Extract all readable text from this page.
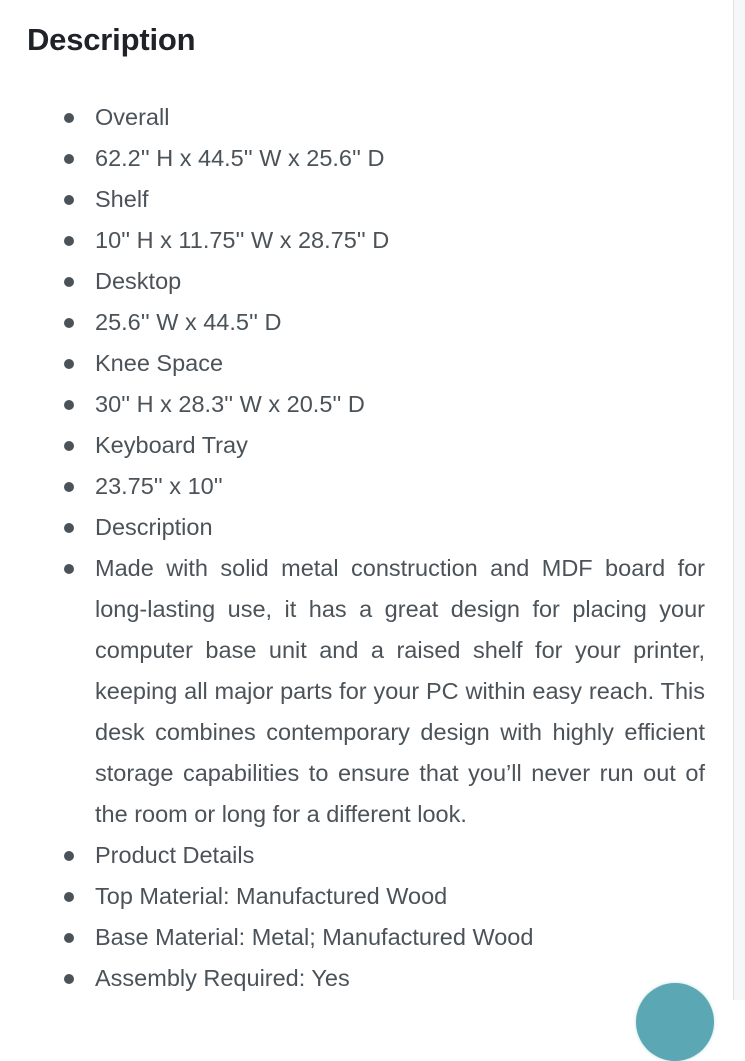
Description
Overall
62.2'' H x 44.5'' W x 25.6'' D
Shelf
10'' H x 11.75'' W x 28.75'' D
Desktop
25.6'' W x 44.5'' D
Knee Space
30'' H x 28.3'' W x 20.5'' D
Keyboard Tray
23.75'' x 10''
Description
Made with solid metal construction and MDF board for long-lasting use, it has a great design for placing your computer base unit and a raised shelf for your printer, keeping all major parts for your PC within easy reach. This desk combines contemporary design with highly efficient storage capabilities to ensure that you’ll never run out of the room or long for a different look.
Product Details
Top Material: Manufactured Wood
Base Material: Metal; Manufactured Wood
Assembly Required: Yes
